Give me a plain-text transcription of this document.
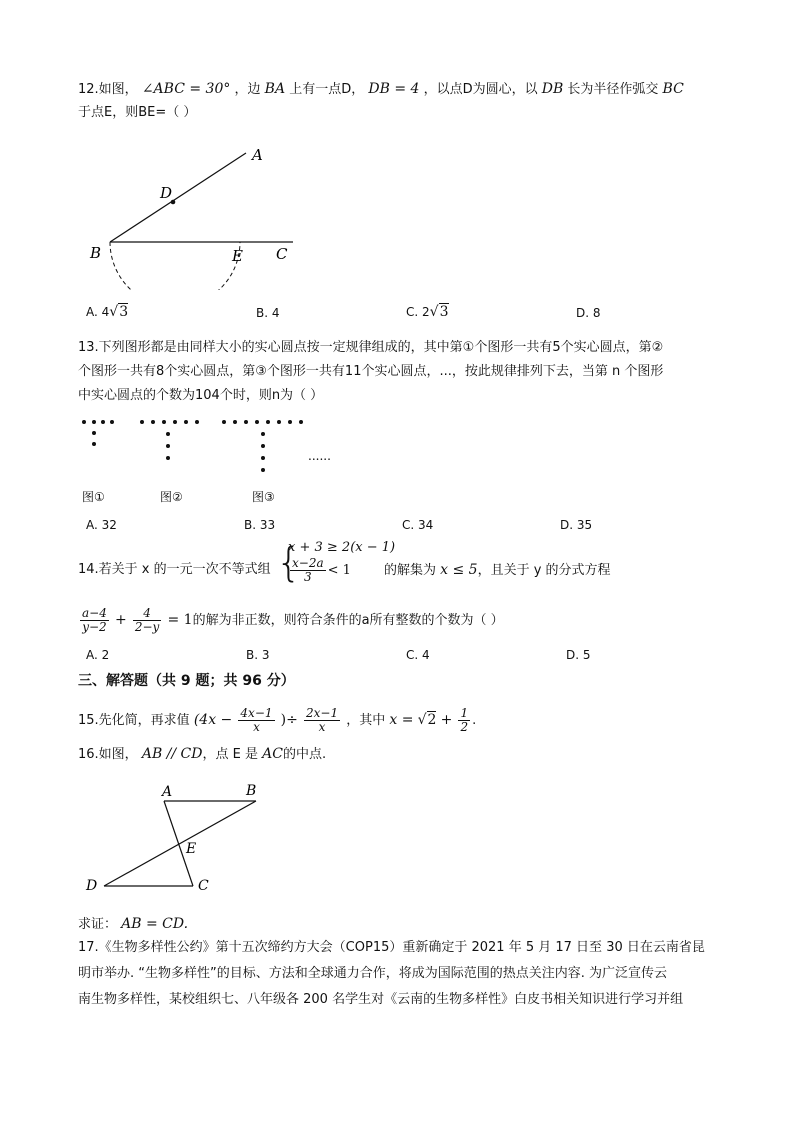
12.如图， ∠ABC = 30° ，边 BA 上有一点D， DB = 4 ，以点D为圆心，以 DB 长为半径作弧交 BC
于点E，则BE=（ ）
A
D
B	E C
A. 4√3	B. 4	C. 2√3	D. 8
13.下列图形都是由同样大小的实心圆点按一定规律组成的，其中第①个图形一共有5个实心圆点，第②
个图形一共有8个实心圆点，第③个图形一共有11个实心圆点，...，按此规律排列下去，当第 n 个图形
中实心圆点的个数为104个时，则n为（ ）
......
图①	图②	图③
A. 32	B. 33	C. 34	D. 35
14.若关于 x 的一元一次不等式组 {
x + 3 ≥ 2(x − 1)
$\frac{x-2a}{3} < 1$	的解集为 x ≤ 5，且关于 y 的分式方程
$\frac{a-4}{y-2} + \frac{4}{2-y} = 1$的解为非正数，则符合条件的a所有整数的个数为（ ）
A. 2	B. 3	C. 4	D. 5
三、解答题（共 9 题；共 96 分）
15.先化简，再求值 ($4x - \frac{4x-1}{x}$ )÷ $\frac{2x-1}{x}$ ，其中 $x = √2 + \frac{1}{2}$ .
16.如图， AB // CD，点 E 是 AC的中点.
A	B
E
D	C
求证： AB = CD.
17.《生物多样性公约》第十五次缔约方大会（COP15）重新确定于 2021 年 5 月 17 日至 30 日在云南省昆
明市举办. “生物多样性”的目标、方法和全球通力合作，将成为国际范围的热点关注内容. 为广泛宣传云
南生物多样性，某校组织七、八年级各 200 名学生对《云南的生物多样性》白皮书相关知识进行学习并组
